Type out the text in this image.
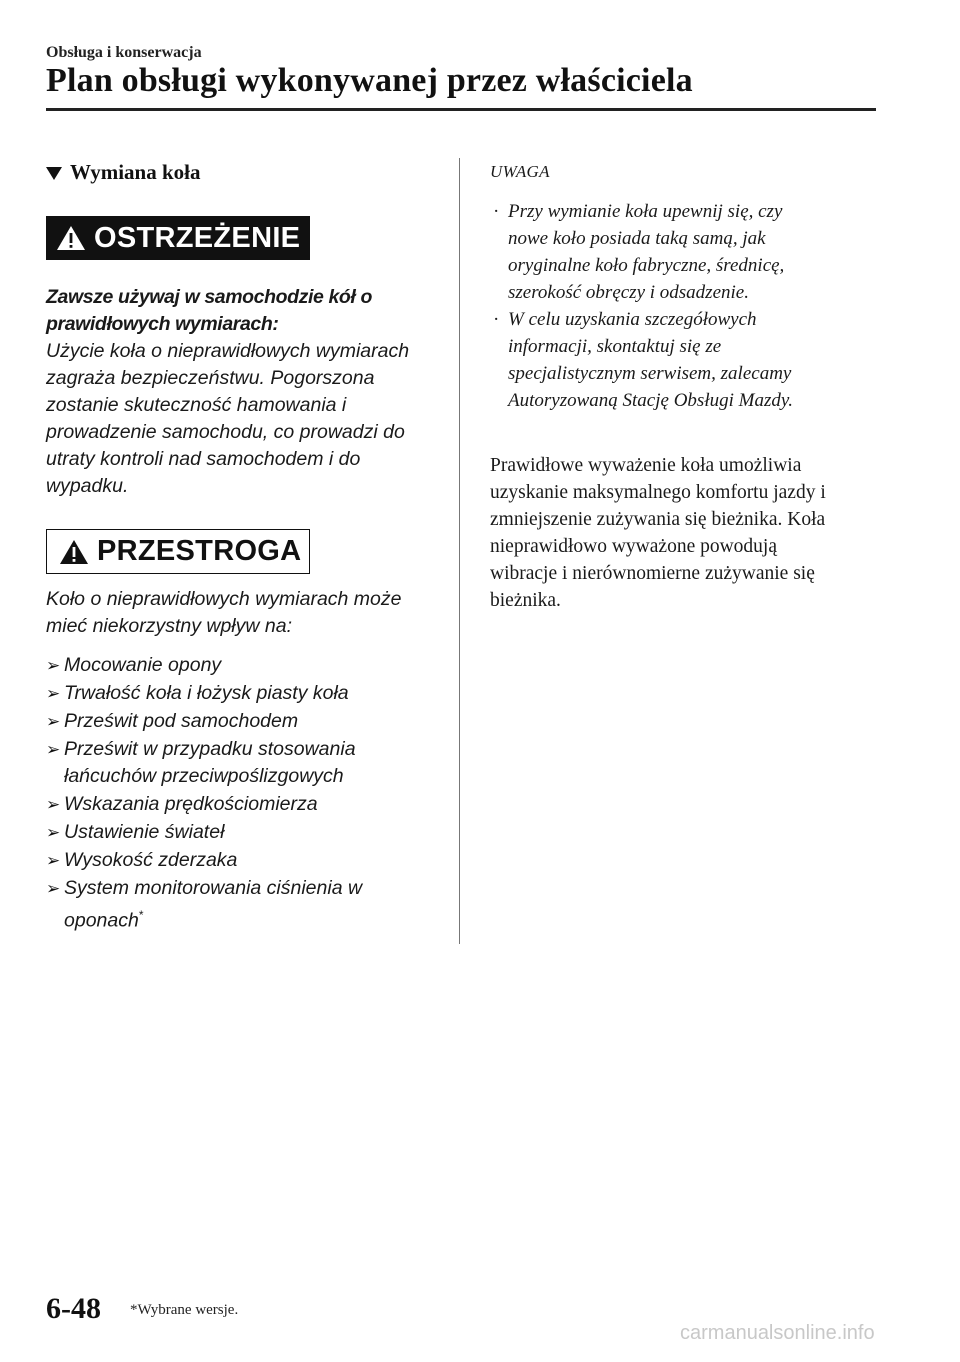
Obsługa i konserwacja
Plan obsługi wykonywanej przez właściciela
Wymiana koła
OSTRZEŻENIE
Zawsze używaj w samochodzie kół o
prawidłowych wymiarach:
Użycie koła o nieprawidłowych wymiarach
zagraża bezpieczeństwu. Pogorszona
zostanie skuteczność hamowania i
prowadzenie samochodu, co prowadzi do
utraty kontroli nad samochodem i do
wypadku.
PRZESTROGA
Koło o nieprawidłowych wymiarach może
mieć niekorzystny wpływ na:
➢ Mocowanie opony
➢ Trwałość koła i łożysk piasty koła
➢ Prześwit pod samochodem
➢ Prześwit w przypadku stosowania
łańcuchów przeciwpoślizgowych
➢ Wskazania prędkościomierza
➢ Ustawienie świateł
➢ Wysokość zderzaka
➢ System monitorowania ciśnienia w
oponach*
UWAGA
· Przy wymianie koła upewnij się, czy
nowe koło posiada taką samą, jak
oryginalne koło fabryczne, średnicę,
szerokość obręczy i odsadzenie.
· W celu uzyskania szczegółowych
informacji, skontaktuj się ze
specjalistycznym serwisem, zalecamy
Autoryzowaną Stację Obsługi Mazdy.
Prawidłowe wyważenie koła umożliwia
uzyskanie maksymalnego komfortu jazdy i
zmniejszenie zużywania się bieżnika. Koła
nieprawidłowo wyważone powodują
wibracje i nierównomierne zużywanie się
bieżnika.
6-48 *Wybrane wersje.
carmanualsonline.info
